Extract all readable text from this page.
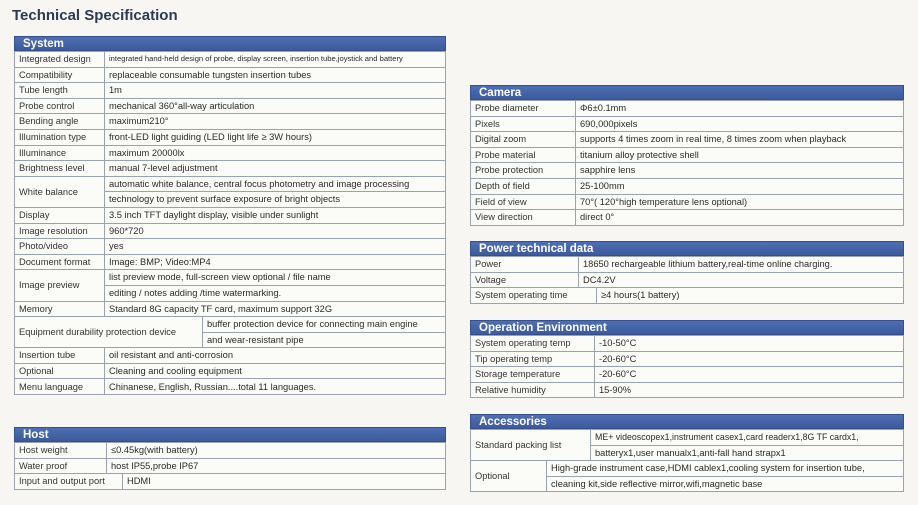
Technical Specification
System
Integrated design	integrated hand-held design of probe, display screen, insertion tube,joystick and battery	
Compatibility	replaceable consumable tungsten insertion tubes	
Tube length	1m	
Probe control	mechanical 360°all-way articulation	
Bending angle	maximum210°	
Illumination type	front-LED light guiding (LED light life ≥ 3W hours)	
Illuminance	maximum 20000lx	
Brightness level	manual 7-level adjustment	
White balance	automatic white balance, central focus photometry and image processing	
	technology to prevent surface exposure of bright objects	
Display	3.5 inch TFT daylight display, visible under sunlight	
Image resolution	960*720	
Photo/video	yes	
Document format	Image: BMP; Video:MP4	
Image preview	list preview mode, full-screen view optional / file name	
	editing / notes adding /time watermarking.	
Memory	Standard 8G capacity TF card, maximum support 32G	
Equipment durability protection device		buffer protection device for connecting main engine
		and wear-resistant pipe
Insertion tube	oil resistant and anti-corrosion	
Optional	Cleaning and cooling equipment	
Menu language	Chinanese, English, Russian....total 11 languages.	
Host
Host weight	≤0.45kg(with battery)	
Water proof	host IP55,probe IP67	
Input and output port		HDMI
Camera
Probe diameter	Φ6±0.1mm
Pixels	690,000pixels
Digital zoom	supports 4 times zoom in real time, 8 times zoom when playback
Probe material	titanium alloy protective shell
Probe protection	sapphire lens
Depth of field	25-100mm
Field of view	70°( 120°high temperature lens optional)
View direction	direct 0°
Power technical data
Power	18650 rechargeable lithium battery,real-time online charging.	
Voltage	DC4.2V	
System operating time		≥4 hours(1 battery)
Operation Environment
System operating temp	-10-50°C
Tip operating temp	-20-60°C
Storage temperature	-20-60°C
Relative humidity	15-90%
Accessories
Standard packing list		ME+ videoscopex1,instrument casex1,card readerx1,8G TF cardx1,
		batteryx1,user manualx1,anti-fall hand strapx1
Optional	High-grade instrument case,HDMI cablex1,cooling system for insertion tube,	
	cleaning kit,side reflective mirror,wifi,magnetic base	
